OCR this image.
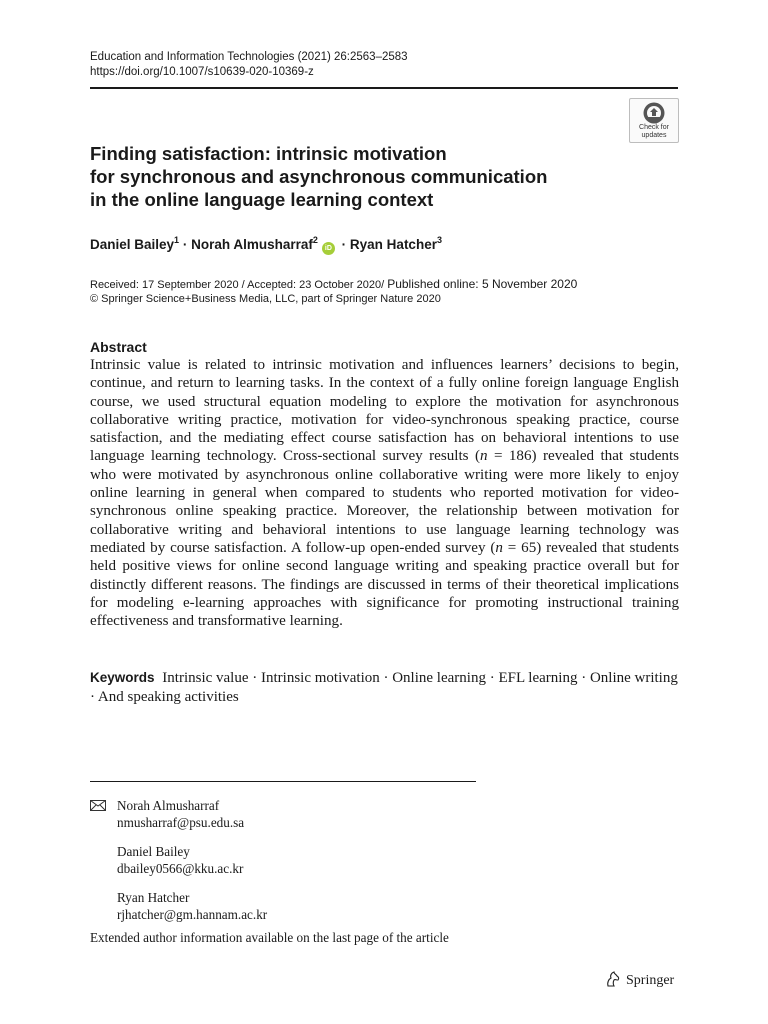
Education and Information Technologies (2021) 26:2563–2583
https://doi.org/10.1007/s10639-020-10369-z
Check for
updates
Finding satisfaction: intrinsic motivation
for synchronous and asynchronous communication
in the online language learning context
Daniel Bailey$^1$ · Norah Almusharraf$^2$iD · Ryan Hatcher$^3$
Received: 17 September 2020 / Accepted: 23 October 2020/ Published online: 5 November 2020
© Springer Science+Business Media, LLC, part of Springer Nature 2020
Abstract

Intrinsic value is related to intrinsic motivation and influences learners’ decisions to begin, continue, and return to learning tasks. In the context of a fully online foreign language English course, we used structural equation modeling to explore the motivation for asynchronous collaborative writing practice, motivation for video-synchronous speaking practice, course satisfaction, and the mediating effect course satisfaction has on behavioral intentions to use language learning technology. Cross-sectional survey results (n = 186) revealed that students who were motivated by asynchronous online collaborative writing were more likely to enjoy online learning in general when compared to students who reported motivation for video-synchronous online speaking practice. Moreover, the relationship between motivation for collaborative writing and behavioral intentions to use language learning technology was mediated by course satisfaction. A follow-up open-ended survey (n = 65) revealed that students held positive views for online second language writing and speaking practice overall but for distinctly different reasons. The findings are discussed in terms of their theoretical implications for modeling e-learning approaches with significance for promoting instructional training effectiveness and transformative learning.

Keywords Intrinsic value · Intrinsic motivation · Online learning · EFL learning · Online writing · And speaking activities
Norah Almusharraf
nmusharraf@psu.edu.sa
Daniel Bailey
dbailey0566@kku.ac.kr
Ryan Hatcher
rjhatcher@gm.hannam.ac.kr
Extended author information available on the last page of the article
Springer
